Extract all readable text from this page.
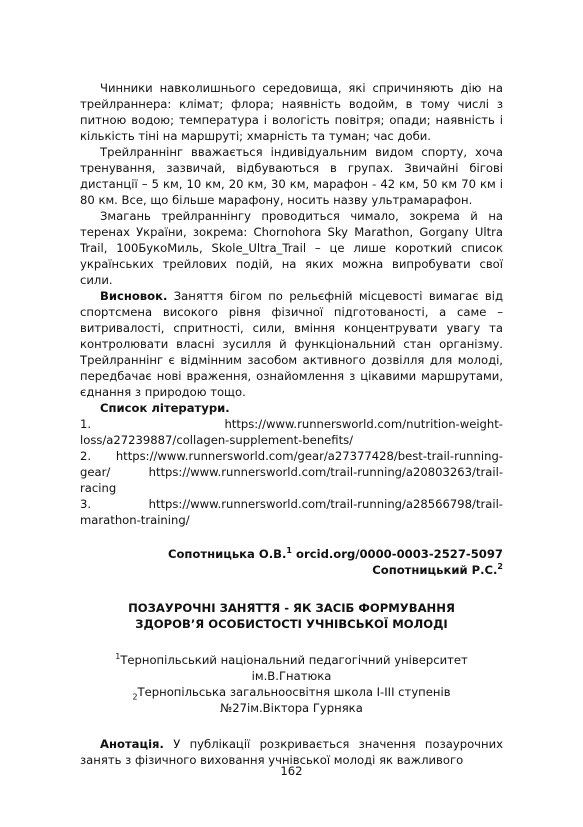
Чинники навколишнього середовища, які спричиняють дію на трейлраннера: клімат; флора; наявність водойм, в тому числі з питною водою; температура і вологість повітря; опади; наявність і кількість тіні на маршруті; хмарність та туман; час доби.

Трейлраннінг вважається індивідуальним видом спорту, хоча тренування, зазвичай, відбуваються в групах. Звичайні бігові дистанції – 5 км, 10 км, 20 км, 30 км, марафон - 42 км, 50 км 70 км і 80 км. Все, що більше марафону, носить назву ультрамарафон.

Змагань трейлраннінгу проводиться чимало, зокрема й на теренах України, зокрема: Chornohora Sky Marathon, Gorgany Ultra Trail, 100БукоМиль, Skole_Ultra_Trail – це лише короткий список українських трейлових подій, на яких можна випробувати свої сили.

Висновок. Заняття бігом по рельєфній місцевості вимагає від спортсмена високого рівня фізичної підготованості, а саме – витривалості, спритності, сили, вміння концентрувати увагу та контролювати власні зусилля й функціональний стан організму. Трейлраннінг є відмінним засобом активного дозвілля для молоді, передбачає нові враження, ознайомлення з цікавими маршрутами, єднання з природою тощо.

Список літератури.

1. https://www.runnersworld.com/nutrition-weight-loss/a27239887/collagen-supplement-benefits/

2. https://www.runnersworld.com/gear/a27377428/best-trail-running-gear/ https://www.runnersworld.com/trail-running/a20803263/trail-racing

3. https://www.runnersworld.com/trail-running/a28566798/trail-marathon-training/

Сопотницька О.В.$^1$ orcid.org/0000-0003-2527-5097

Сопотницький Р.С.$^2$

ПОЗАУРОЧНІ ЗАНЯТТЯ - ЯК ЗАСІБ ФОРМУВАННЯ

ЗДОРОВ’Я ОСОБИСТОСТІ УЧНІВСЬКОЇ МОЛОДІ

$^1$Тернопільський національний педагогічний університет

ім.В.Гнатюка

$_2$Тернопільська загальноосвітня школа I-III ступенів

№27ім.Віктора Гурняка

Анотація. У публікації розкривається значення позаурочних занять з фізичного виховання учнівської молоді як важливого

162
